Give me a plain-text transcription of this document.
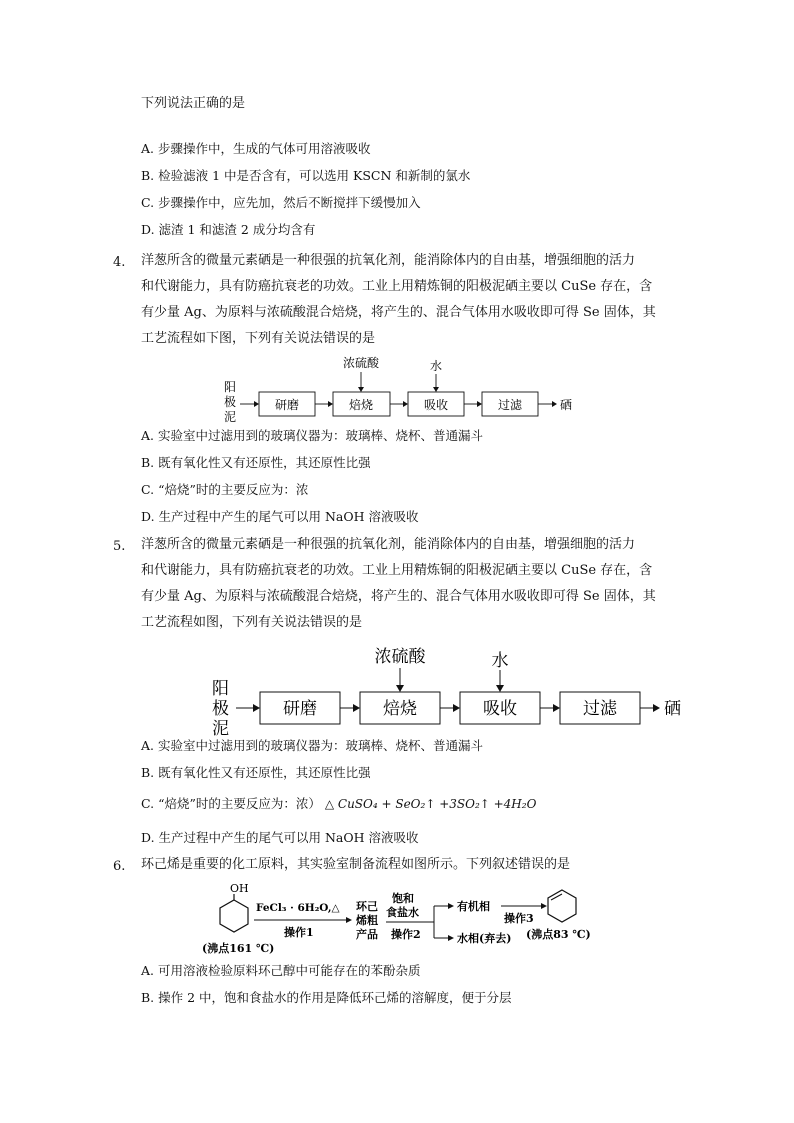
下列说法正确的是
A. 步骤操作中，生成的气体可用溶液吸收
B. 检验滤液 1 中是否含有，可以选用 KSCN 和新制的氯水
C. 步骤操作中，应先加，然后不断搅拌下缓慢加入
D. 滤渣 1 和滤渣 2 成分均含有
4. 洋葱所含的微量元素硒是一种很强的抗氧化剂，能消除体内的自由基，增强细胞的活力
和代谢能力，具有防癌抗衰老的功效。工业上用精炼铜的阳极泥硒主要以 CuSe 存在，含
有少量 Ag、为原料与浓硫酸混合焙烧，将产生的、混合气体用水吸收即可得 Se 固体，其
工艺流程如下图，下列有关说法错误的是
阳
极
泥
研磨	焙烧
浓硫酸
吸收
水
过滤	硒
A. 实验室中过滤用到的玻璃仪器为：玻璃棒、烧杯、普通漏斗
B. 既有氧化性又有还原性，其还原性比强
C. “焙烧”时的主要反应为：浓
D. 生产过程中产生的尾气可以用 NaOH 溶液吸收
5. 洋葱所含的微量元素硒是一种很强的抗氧化剂，能消除体内的自由基，增强细胞的活力
和代谢能力，具有防癌抗衰老的功效。工业上用精炼铜的阳极泥硒主要以 CuSe 存在，含
有少量 Ag、为原料与浓硫酸混合焙烧，将产生的、混合气体用水吸收即可得 Se 固体，其
工艺流程如图，下列有关说法错误的是
阳
极
泥
研磨	焙烧
浓硫酸
吸收
水
过滤	硒
A. 实验室中过滤用到的玻璃仪器为：玻璃棒、烧杯、普通漏斗
B. 既有氧化性又有还原性，其还原性比强
C. “焙烧”时的主要反应为：浓） △ CuSO₄ + SeO₂↑ +3SO₂↑ +4H₂O
D. 生产过程中产生的尾气可以用 NaOH 溶液吸收
6. 环己烯是重要的化工原料，其实验室制备流程如图所示。下列叙述错误的是
OH
(沸点161 ℃)
FeCl₃ · 6H₂O,△
操作1
环己
烯粗
产品
饱和
食盐水
操作2
有机相
水相(弃去)
操作3
(沸点83 ℃)
A. 可用溶液检验原料环己醇中可能存在的苯酚杂质
B. 操作 2 中，饱和食盐水的作用是降低环己烯的溶解度，便于分层
